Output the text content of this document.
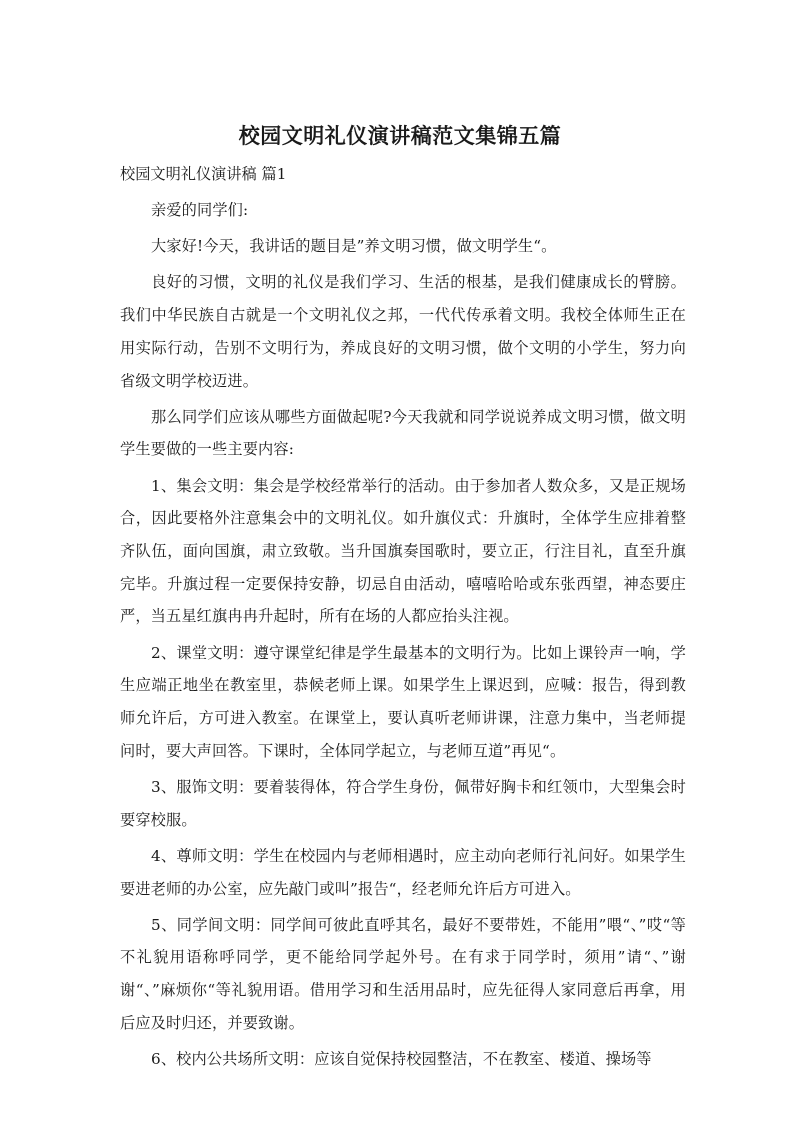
校园文明礼仪演讲稿范文集锦五篇

校园文明礼仪演讲稿 篇1

亲爱的同学们:

大家好!今天，我讲话的题目是”养文明习惯，做文明学生“。

良好的习惯，文明的礼仪是我们学习、生活的根基，是我们健康成长的臂膀。我们中华民族自古就是一个文明礼仪之邦，一代代传承着文明。我校全体师生正在用实际行动，告别不文明行为，养成良好的文明习惯，做个文明的小学生，努力向省级文明学校迈进。

那么同学们应该从哪些方面做起呢?今天我就和同学说说养成文明习惯，做文明学生要做的一些主要内容:

1、集会文明：集会是学校经常举行的活动。由于参加者人数众多，又是正规场合，因此要格外注意集会中的文明礼仪。如升旗仪式：升旗时，全体学生应排着整齐队伍，面向国旗，肃立致敬。当升国旗奏国歌时，要立正，行注目礼，直至升旗完毕。升旗过程一定要保持安静，切忌自由活动，嘻嘻哈哈或东张西望，神态要庄严，当五星红旗冉冉升起时，所有在场的人都应抬头注视。

2、课堂文明：遵守课堂纪律是学生最基本的文明行为。比如上课铃声一响，学生应端正地坐在教室里，恭候老师上课。如果学生上课迟到，应喊：报告，得到教师允许后，方可进入教室。在课堂上，要认真听老师讲课，注意力集中，当老师提问时，要大声回答。下课时，全体同学起立，与老师互道”再见“。

3、服饰文明：要着装得体，符合学生身份，佩带好胸卡和红领巾，大型集会时要穿校服。

4、尊师文明：学生在校园内与老师相遇时，应主动向老师行礼问好。如果学生要进老师的办公室，应先敲门或叫”报告“，经老师允许后方可进入。

5、同学间文明：同学间可彼此直呼其名，最好不要带姓，不能用”喂“、”哎“等不礼貌用语称呼同学，更不能给同学起外号。在有求于同学时，须用”请“、”谢谢“、”麻烦你“等礼貌用语。借用学习和生活用品时，应先征得人家同意后再拿，用后应及时归还，并要致谢。

6、校内公共场所文明：应该自觉保持校园整洁，不在教室、楼道、操场等
